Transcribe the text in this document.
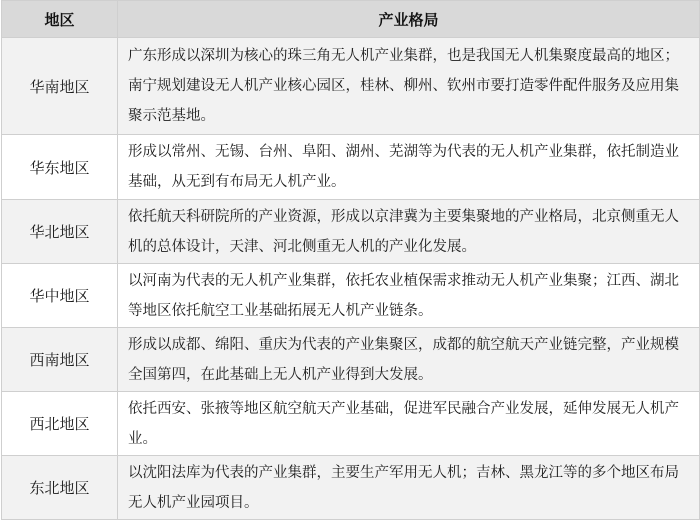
地区	产业格局
华南地区	广东形成以深圳为核心的珠三角无人机产业集群，也是我国无人机集聚度最高的地区；南宁规划建设无人机产业核心园区，桂林、柳州、钦州市要打造零件配件服务及应用集聚示范基地。
华东地区	形成以常州、无锡、台州、阜阳、湖州、芜湖等为代表的无人机产业集群，依托制造业基础，从无到有布局无人机产业。
华北地区	依托航天科研院所的产业资源，形成以京津冀为主要集聚地的产业格局，北京侧重无人机的总体设计，天津、河北侧重无人机的产业化发展。
华中地区	以河南为代表的无人机产业集群，依托农业植保需求推动无人机产业集聚；江西、湖北等地区依托航空工业基础拓展无人机产业链条。
西南地区	形成以成都、绵阳、重庆为代表的产业集聚区，成都的航空航天产业链完整，产业规模全国第四，在此基础上无人机产业得到大发展。
西北地区	依托西安、张掖等地区航空航天产业基础，促进军民融合产业发展，延伸发展无人机产业。
东北地区	以沈阳法库为代表的产业集群，主要生产军用无人机；吉林、黑龙江等的多个地区布局无人机产业园项目。
